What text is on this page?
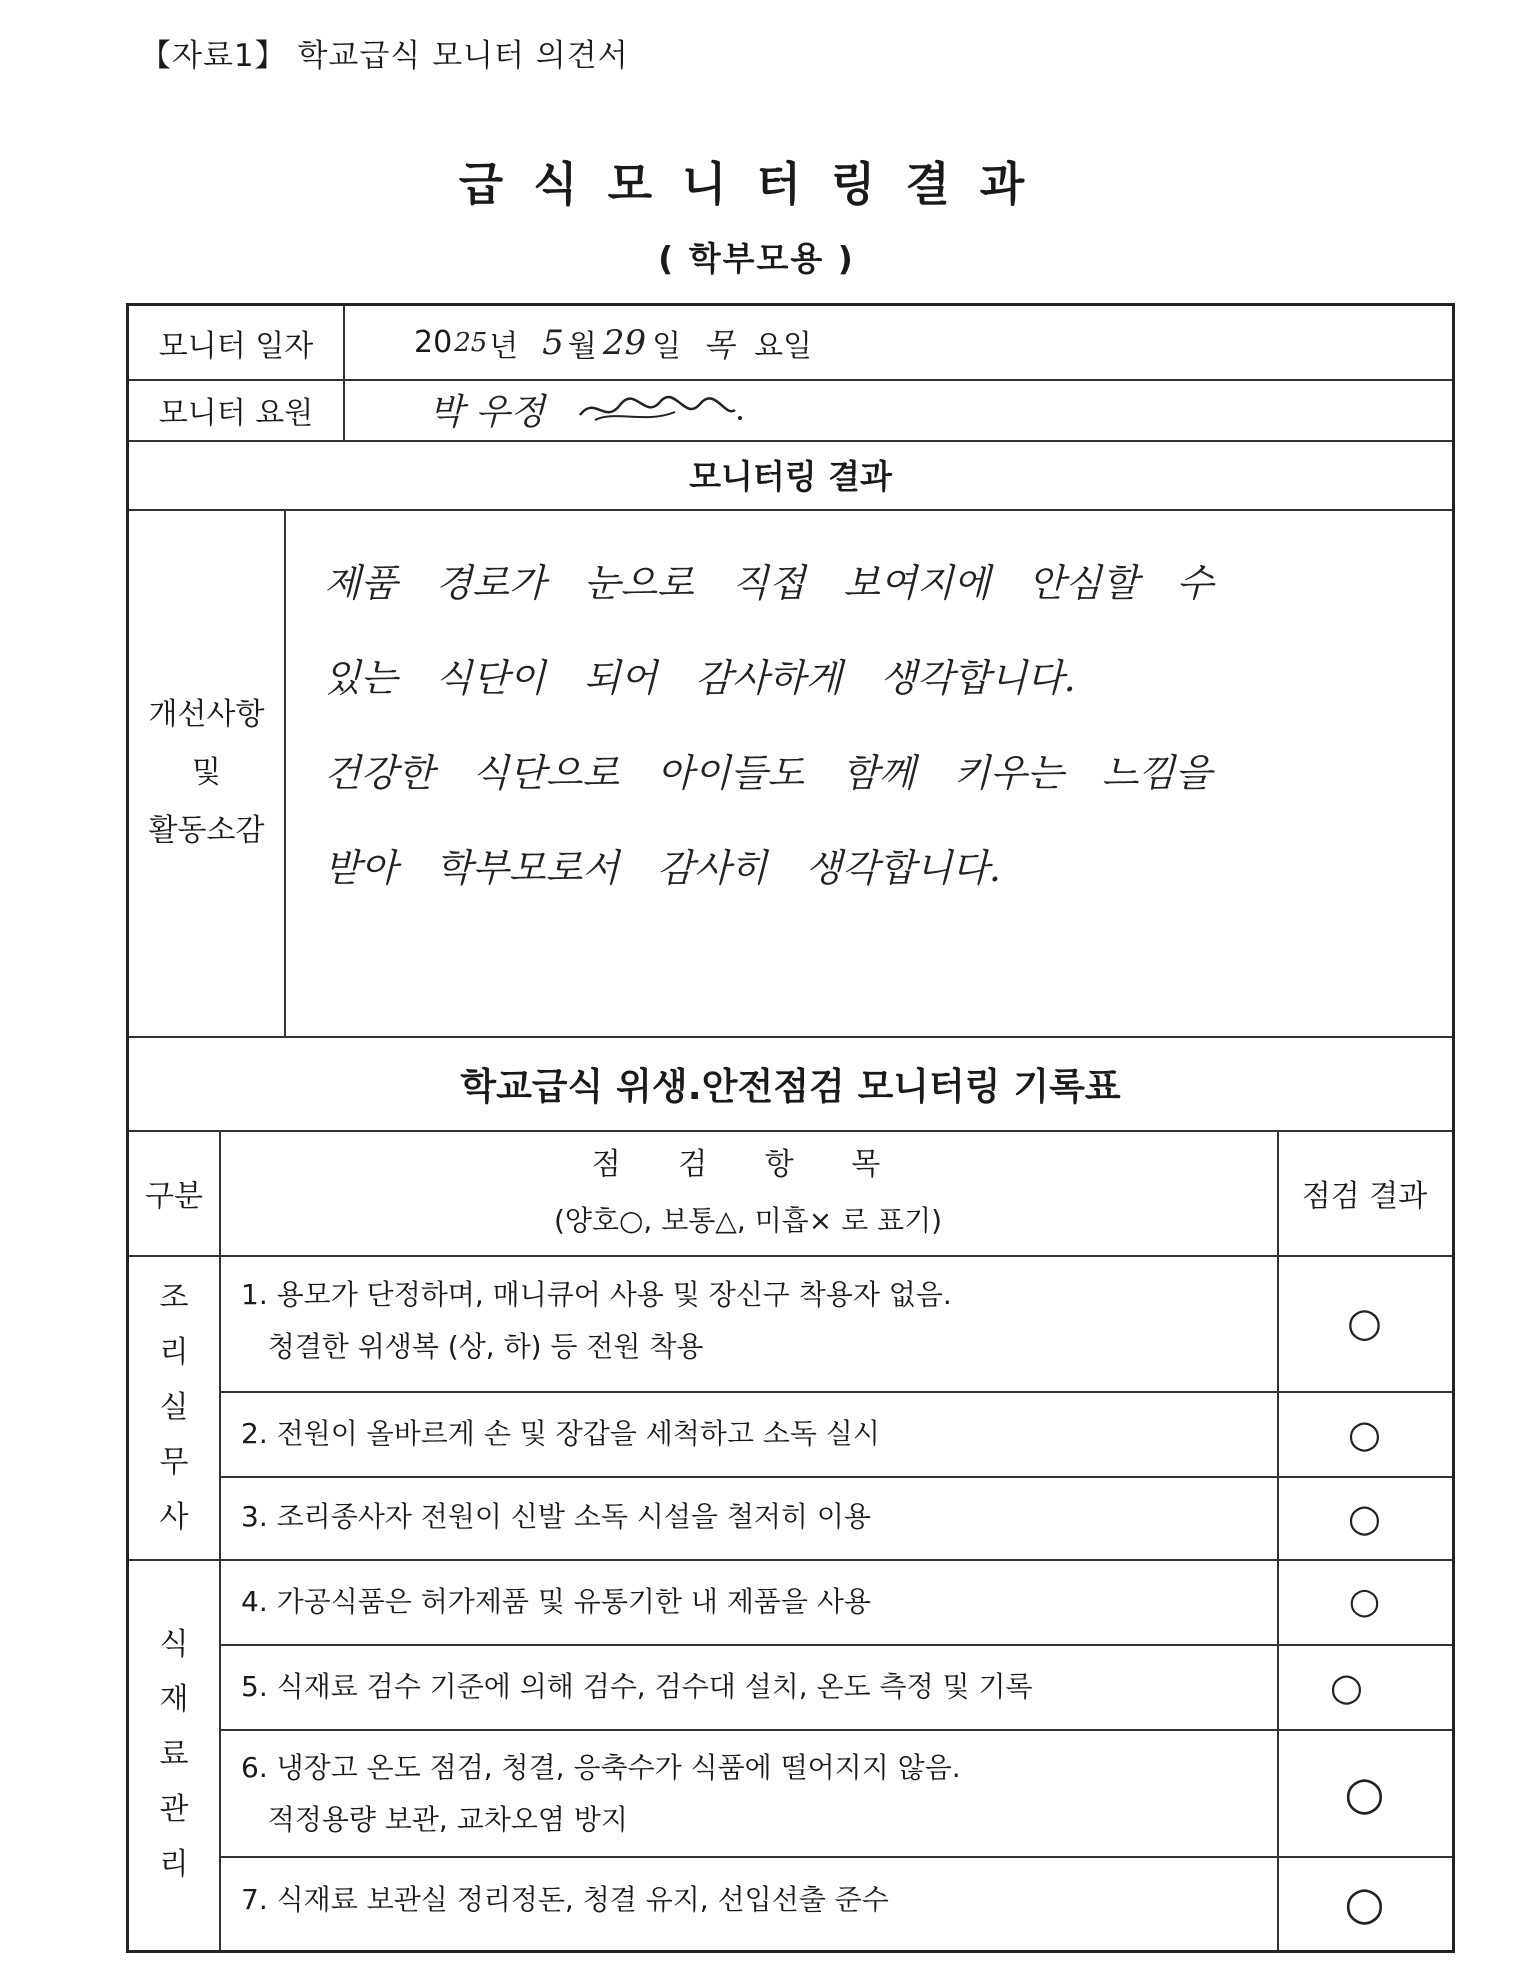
【자료1】 학교급식 모니터 의견서
급식모니터링결과
( 학부모용 )
모니터 일자	20 25 년 5 월 29 일 목 요일
모니터 요원	박 우정
모니터링 결과
개선사항
및
활동소감
제품 경로가 눈으로 직접 보여지에 안심할 수
있는 식단이 되어 감사하게 생각합니다.
건강한 식단으로 아이들도 함께 키우는 느낌을
받아 학부모로서 감사히 생각합니다.
학교급식 위생.안전점검 모니터링 기록표
구분
점 검 항 목
(양호○, 보통△, 미흡× 로 표기)
점검 결과
조
리
실
무
사
식
재
료
관
리
1. 용모가 단정하며, 매니큐어 사용 및 장신구 착용자 없음.
청결한 위생복 (상, 하) 등 전원 착용
2. 전원이 올바르게 손 및 장갑을 세척하고 소독 실시
3. 조리종사자 전원이 신발 소독 시설을 철저히 이용
4. 가공식품은 허가제품 및 유통기한 내 제품을 사용
5. 식재료 검수 기준에 의해 검수, 검수대 설치, 온도 측정 및 기록
6. 냉장고 온도 점검, 청결, 응축수가 식품에 떨어지지 않음.
적정용량 보관, 교차오염 방지
7. 식재료 보관실 정리정돈, 청결 유지, 선입선출 준수
○
○
○
○
○
○
○
